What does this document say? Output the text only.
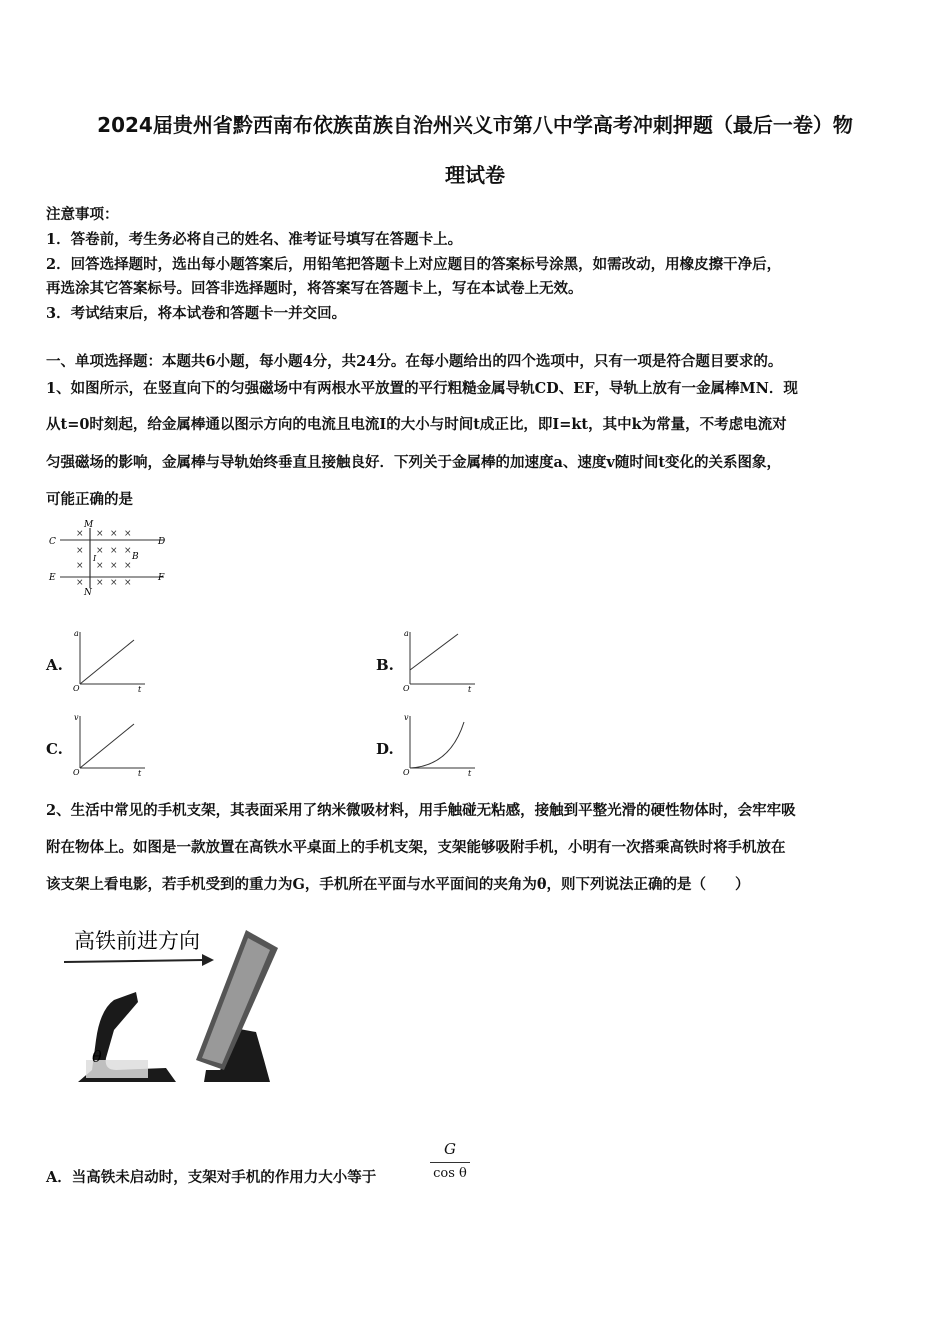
2024届贵州省黔西南布依族苗族自治州兴义市第八中学高考冲刺押题（最后一卷）物
理试卷
注意事项：
1．答卷前，考生务必将自己的姓名、准考证号填写在答题卡上。
2．回答选择题时，选出每小题答案后，用铅笔把答题卡上对应题目的答案标号涂黑，如需改动，用橡皮擦干净后，
再选涂其它答案标号。回答非选择题时，将答案写在答题卡上，写在本试卷上无效。
3．考试结束后，将本试卷和答题卡一并交回。
一、单项选择题：本题共6小题，每小题4分，共24分。在每小题给出的四个选项中，只有一项是符合题目要求的。
1、如图所示，在竖直向下的匀强磁场中有两根水平放置的平行粗糙金属导轨CD、EF，导轨上放有一金属棒MN．现
从t=0时刻起，给金属棒通以图示方向的电流且电流I的大小与时间t成正比，即I=kt，其中k为常量，不考虑电流对
匀强磁场的影响，金属棒与导轨始终垂直且接触良好．下列关于金属棒的加速度a、速度v随时间t变化的关系图象，
可能正确的是
C	D
E	F
M
N
B
I
× × × ×
× × × ×
× × × ×
× × × ×
A.
a
t
O
B.
a
t
O
C.
v
t
O
D.
v
t
O
2、生活中常见的手机支架，其表面采用了纳米微吸材料，用手触碰无粘感，接触到平整光滑的硬性物体时，会牢牢吸
附在物体上。如图是一款放置在高铁水平桌面上的手机支架，支架能够吸附手机，小明有一次搭乘高铁时将手机放在
该支架上看电影，若手机受到的重力为G，手机所在平面与水平面间的夹角为θ，则下列说法正确的是（　　）
高铁前进方向
θ
A．当高铁未启动时，支架对手机的作用力大小等于
G
cos θ
